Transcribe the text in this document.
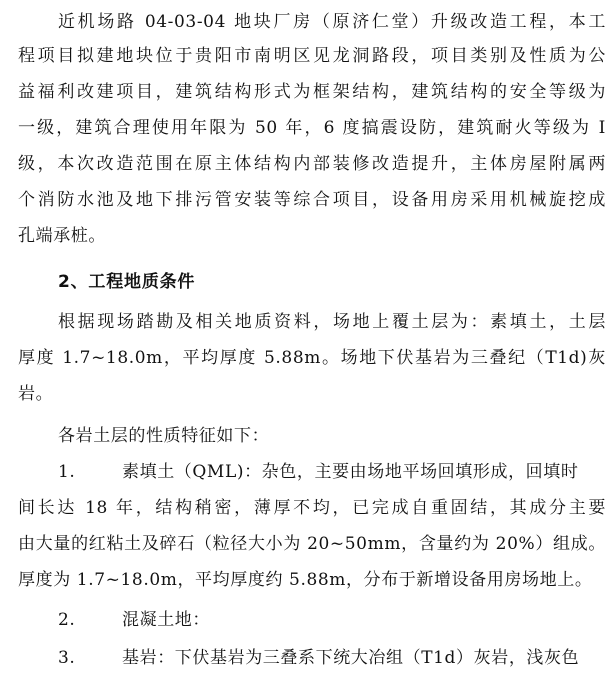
近机场路 04-03-04 地块厂房（原济仁堂）升级改造工程，本工
程项目拟建地块位于贵阳市南明区见龙洞路段，项目类别及性质为公
益福利改建项目，建筑结构形式为框架结构，建筑结构的安全等级为
一级，建筑合理使用年限为 50 年，6 度搞震设防，建筑耐火等级为 I
级，本次改造范围在原主体结构内部装修改造提升，主体房屋附属两
个消防水池及地下排污管安装等综合项目，设备用房采用机械旋挖成
孔端承桩。
2、工程地质条件
根据现场踏勘及相关地质资料，场地上覆土层为：素填土，土层
厚度 1.7~18.0m，平均厚度 5.88m。场地下伏基岩为三叠纪（T1d)灰
岩。
各岩土层的性质特征如下：
1.	素填土（QML)：杂色，主要由场地平场回填形成，回填时
间长达 18 年，结构稍密，薄厚不均，已完成自重固结，其成分主要
由大量的红粘土及碎石（粒径大小为 20~50mm，含量约为 20%）组成。
厚度为 1.7~18.0m，平均厚度约 5.88m，分布于新增设备用房场地上。
2.	混凝土地：
3.	基岩：下伏基岩为三叠系下统大冶组（T1d）灰岩，浅灰色
